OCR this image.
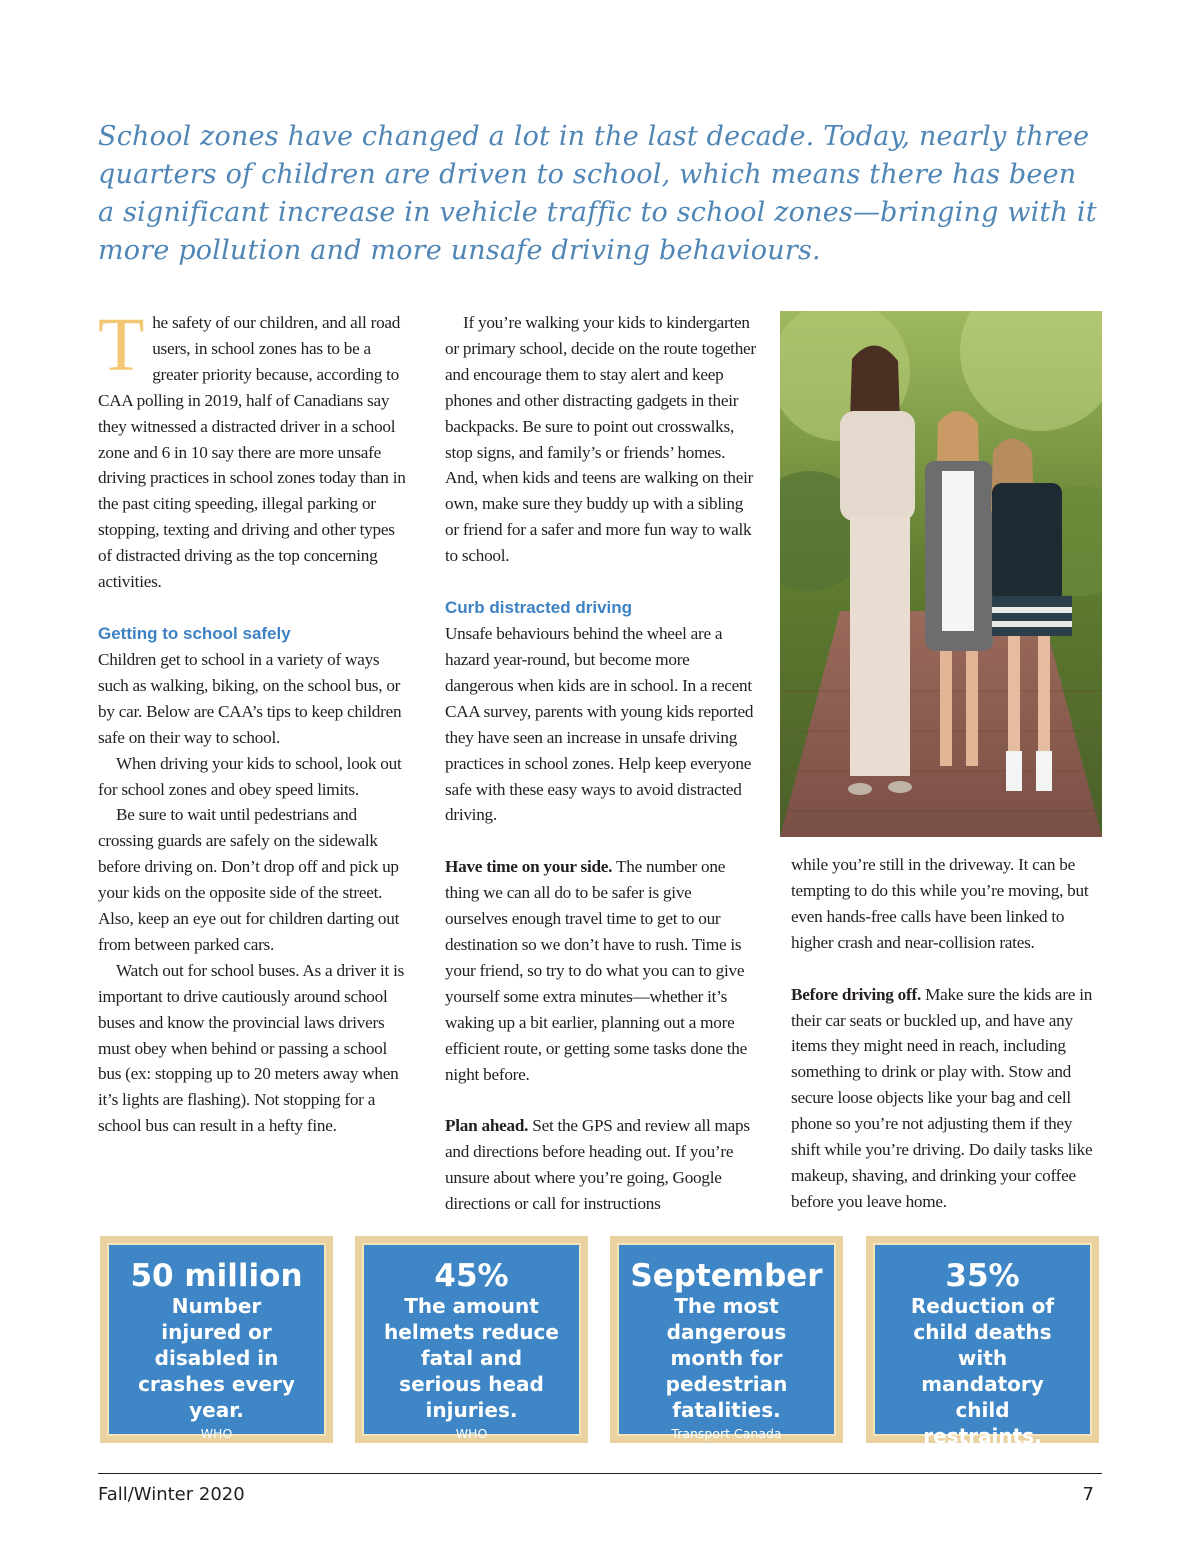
School zones have changed a lot in the last decade. Today, nearly three quarters of children are driven to school, which means there has been a significant increase in vehicle traffic to school zones—bringing with it more pollution and more unsafe driving behaviours.

The safety of our children, and all road users, in school zones has to be a greater priority because, according to CAA polling in 2019, half of Canadians say they witnessed a distracted driver in a school zone and 6 in 10 say there are more unsafe driving practices in school zones today than in the past citing speeding, illegal parking or stopping, texting and driving and other types of distracted driving as the top concerning activities.

Getting to school safely

Children get to school in a variety of ways such as walking, biking, on the school bus, or by car. Below are CAA’s tips to keep children safe on their way to school.

When driving your kids to school, look out for school zones and obey speed limits.

Be sure to wait until pedestrians and crossing guards are safely on the sidewalk before driving on. Don’t drop off and pick up your kids on the opposite side of the street. Also, keep an eye out for children darting out from between parked cars.

Watch out for school buses. As a driver it is important to drive cautiously around school buses and know the provincial laws drivers must obey when behind or passing a school bus (ex: stopping up to 20 meters away when it’s lights are flashing). Not stopping for a school bus can result in a hefty fine.

If you’re walking your kids to kindergarten or primary school, decide on the route together and encourage them to stay alert and keep phones and other distracting gadgets in their backpacks. Be sure to point out crosswalks, stop signs, and family’s or friends’ homes. And, when kids and teens are walking on their own, make sure they buddy up with a sibling or friend for a safer and more fun way to walk to school.

Curb distracted driving

Unsafe behaviours behind the wheel are a hazard year-round, but become more dangerous when kids are in school. In a recent CAA survey, parents with young kids reported they have seen an increase in unsafe driving practices in school zones. Help keep everyone safe with these easy ways to avoid distracted driving.

Have time on your side. The number one thing we can all do to be safer is give ourselves enough travel time to get to our destination so we don’t have to rush. Time is your friend, so try to do what you can to give yourself some extra minutes—whether it’s waking up a bit earlier, planning out a more efficient route, or getting some tasks done the night before.

Plan ahead. Set the GPS and review all maps and directions before heading out. If you’re unsure about where you’re going, Google directions or call for instructions

while you’re still in the driveway. It can be tempting to do this while you’re moving, but even hands-free calls have been linked to higher crash and near-collision rates.

Before driving off. Make sure the kids are in their car seats or buckled up, and have any items they might need in reach, including something to drink or play with. Stow and secure loose objects like your bag and cell phone so you’re not adjusting them if they shift while you’re driving. Do daily tasks like makeup, shaving, and drinking your coffee before you leave home.

50 million
Number injured or disabled in crashes every year.
WHO
45%
The amount helmets reduce fatal and serious head injuries.
WHO
September
The most dangerous month for pedestrian fatalities.
Transport Canada
35%
Reduction of child deaths with mandatory child restraints.
WHO
Fall/Winter 2020	7
